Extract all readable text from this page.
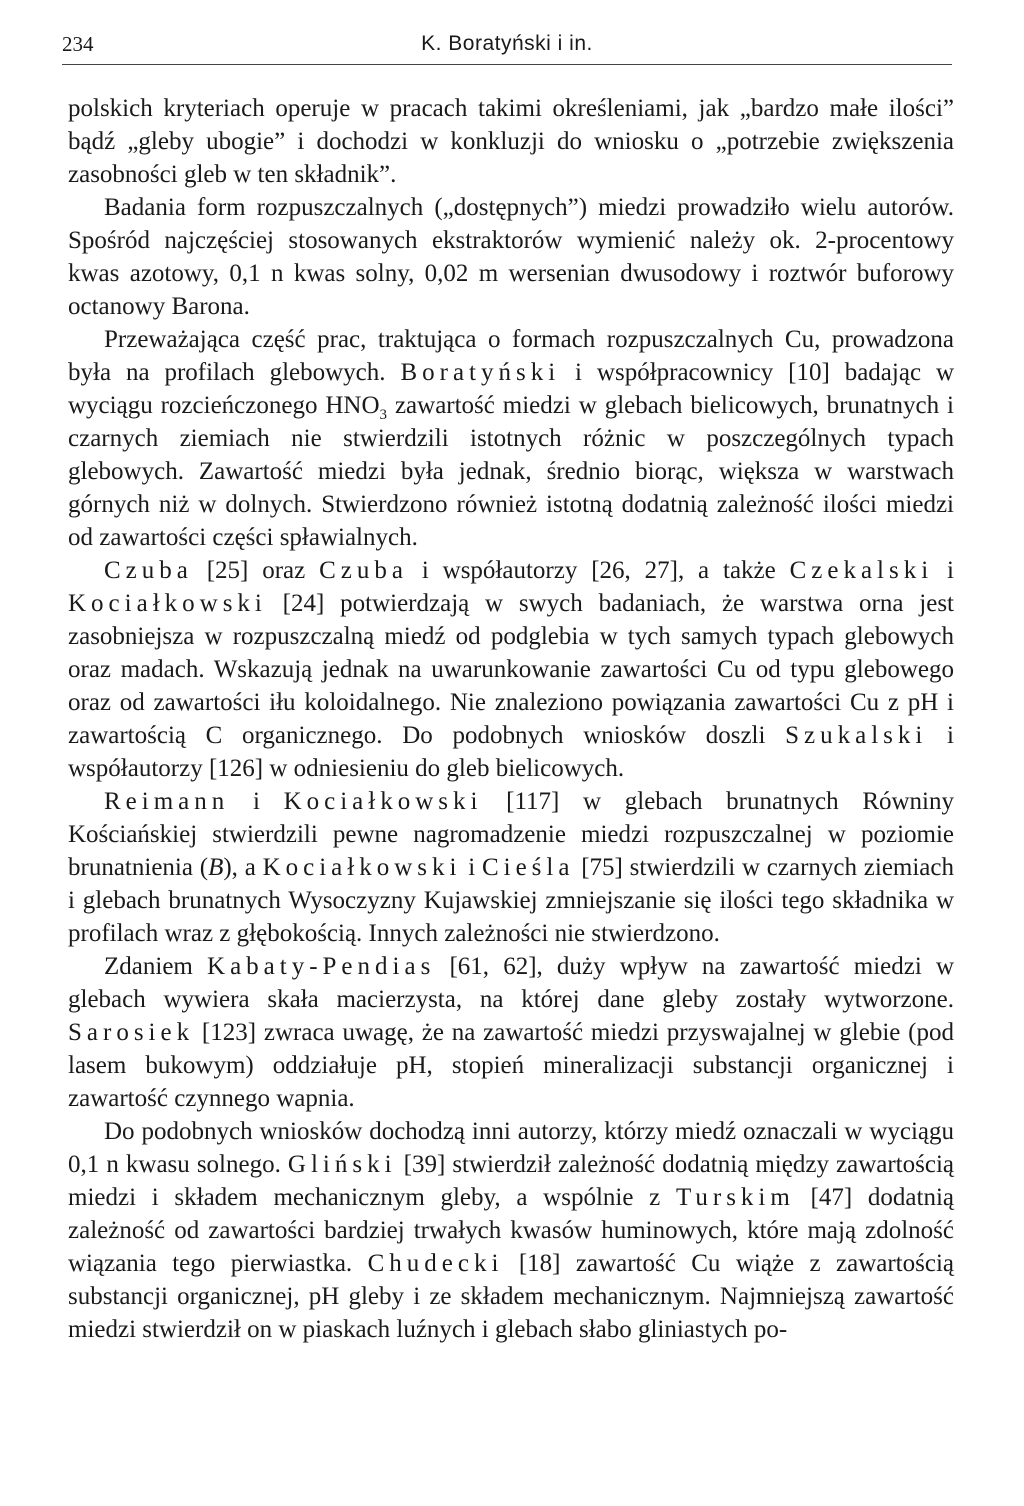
234	K. Boratyński i in.

polskich kryteriach operuje w pracach takimi określeniami, jak „bardzo małe ilości” bądź „gleby ubogie” i dochodzi w konkluzji do wniosku o „potrzebie zwiększenia zasobności gleb w ten składnik”.

Badania form rozpuszczalnych („dostępnych”) miedzi prowadziło wielu autorów. Spośród najczęściej stosowanych ekstraktorów wymienić należy ok. 2-procentowy kwas azotowy, 0,1 n kwas solny, 0,02 m wersenian dwusodowy i roztwór buforowy octanowy Barona.

Przeważająca część prac, traktująca o formach rozpuszczalnych Cu, prowadzona była na profilach glebowych. Boratyński i współpracownicy [10] badając w wyciągu rozcieńczonego $HNO_3$ zawartość miedzi w glebach bielicowych, brunatnych i czarnych ziemiach nie stwierdzili istotnych różnic w poszczególnych typach glebowych. Zawartość miedzi była jednak, średnio biorąc, większa w warstwach górnych niż w dolnych. Stwierdzono również istotną dodatnią zależność ilości miedzi od zawartości części spławialnych.

Czuba [25] oraz Czuba i współautorzy [26, 27], a także Czekalski i Kociałkowski [24] potwierdzają w swych badaniach, że warstwa orna jest zasobniejsza w rozpuszczalną miedź od podglebia w tych samych typach glebowych oraz madach. Wskazują jednak na uwarunkowanie zawartości Cu od typu glebowego oraz od zawartości iłu koloidalnego. Nie znaleziono powiązania zawartości Cu z pH i zawartością C organicznego. Do podobnych wniosków doszli Szukalski i współautorzy [126] w odniesieniu do gleb bielicowych.

Reimann i Kociałkowski [117] w glebach brunatnych Równiny Kościańskiej stwierdzili pewne nagromadzenie miedzi rozpuszczalnej w poziomie brunatnienia (B), a Kociałkowski i Cieśla [75] stwierdzili w czarnych ziemiach i glebach brunatnych Wysoczyzny Kujawskiej zmniejszanie się ilości tego składnika w profilach wraz z głębokością. Innych zależności nie stwierdzono.

Zdaniem Kabaty-Pendias [61, 62], duży wpływ na zawartość miedzi w glebach wywiera skała macierzysta, na której dane gleby zostały wytworzone. Sarosiek [123] zwraca uwagę, że na zawartość miedzi przyswajalnej w glebie (pod lasem bukowym) oddziałuje pH, stopień mineralizacji substancji organicznej i zawartość czynnego wapnia.

Do podobnych wniosków dochodzą inni autorzy, którzy miedź oznaczali w wyciągu 0,1 n kwasu solnego. Gliński [39] stwierdził zależność dodatnią między zawartością miedzi i składem mechanicznym gleby, a wspólnie z Turskim [47] dodatnią zależność od zawartości bardziej trwałych kwasów huminowych, które mają zdolność wiązania tego pierwiastka. Chudecki [18] zawartość Cu wiąże z zawartością substancji organicznej, pH gleby i ze składem mechanicznym. Najmniejszą zawartość miedzi stwierdził on w piaskach luźnych i glebach słabo gliniastych po-
